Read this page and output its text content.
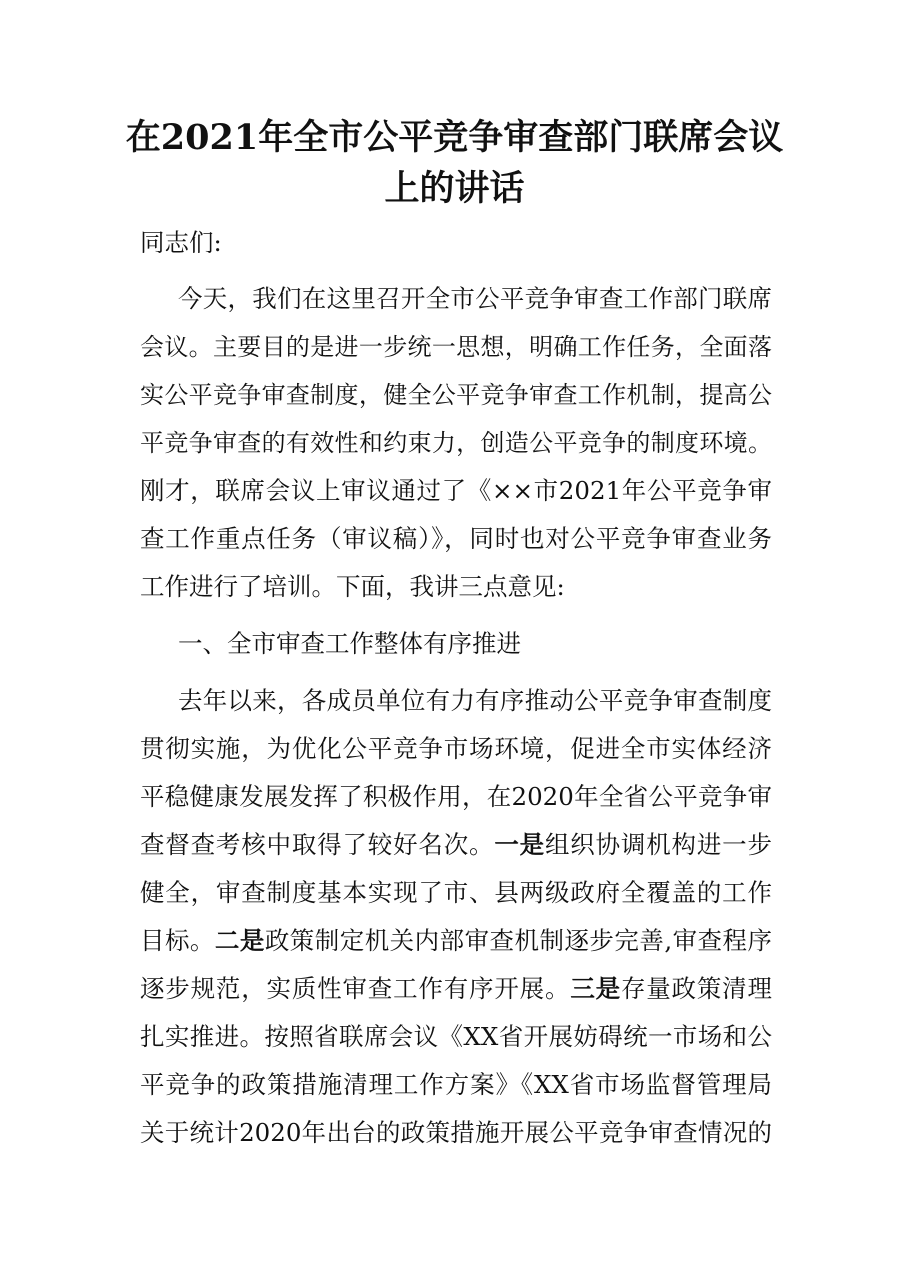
在2021年全市公平竞争审查部门联席会议
上的讲话
同志们:
今天，我们在这里召开全市公平竞争审查工作部门联席
会议。主要目的是进一步统一思想，明确工作任务，全面落
实公平竞争审查制度，健全公平竞争审查工作机制，提高公
平竞争审查的有效性和约束力，创造公平竞争的制度环境。
刚才，联席会议上审议通过了《××市2021年公平竞争审
查工作重点任务（审议稿）》，同时也对公平竞争审查业务
工作进行了培训。下面，我讲三点意见:
一、全市审查工作整体有序推进
去年以来，各成员单位有力有序推动公平竞争审查制度
贯彻实施，为优化公平竞争市场环境，促进全市实体经济
平稳健康发展发挥了积极作用，在2020年全省公平竞争审
查督查考核中取得了较好名次。一是组织协调机构进一步
健全，审查制度基本实现了市、县两级政府全覆盖的工作
目标。二是政策制定机关内部审查机制逐步完善,审查程序
逐步规范，实质性审查工作有序开展。三是存量政策清理
扎实推进。按照省联席会议《XX省开展妨碍统一市场和公
平竞争的政策措施清理工作方案》《XX省市场监督管理局
关于统计2020年出台的政策措施开展公平竞争审查情况的
